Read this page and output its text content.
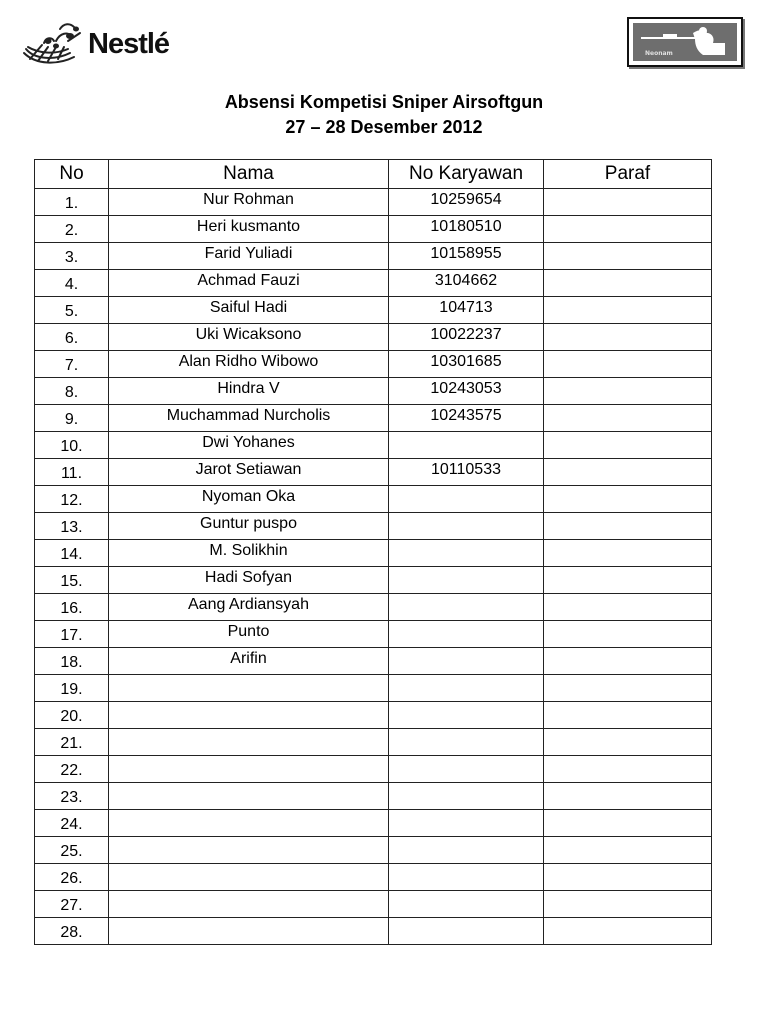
Nestlé	Neonam
Absensi Kompetisi Sniper Airsoftgun
27 – 28 Desember 2012
No	Nama	No Karyawan	Paraf
1.	Nur Rohman	10259654	
2.	Heri kusmanto	10180510	
3.	Farid Yuliadi	10158955	
4.	Achmad Fauzi	3104662	
5.	Saiful Hadi	104713	
6.	Uki Wicaksono	10022237	
7.	Alan Ridho Wibowo	10301685	
8.	Hindra V	10243053	
9.	Muchammad Nurcholis	10243575	
10.	Dwi Yohanes		
11.	Jarot Setiawan	10110533	
12.	Nyoman Oka		
13.	Guntur puspo		
14.	M. Solikhin		
15.	Hadi Sofyan		
16.	Aang Ardiansyah		
17.	Punto		
18.	Arifin		
19.			
20.			
21.			
22.			
23.			
24.			
25.			
26.			
27.			
28.			
